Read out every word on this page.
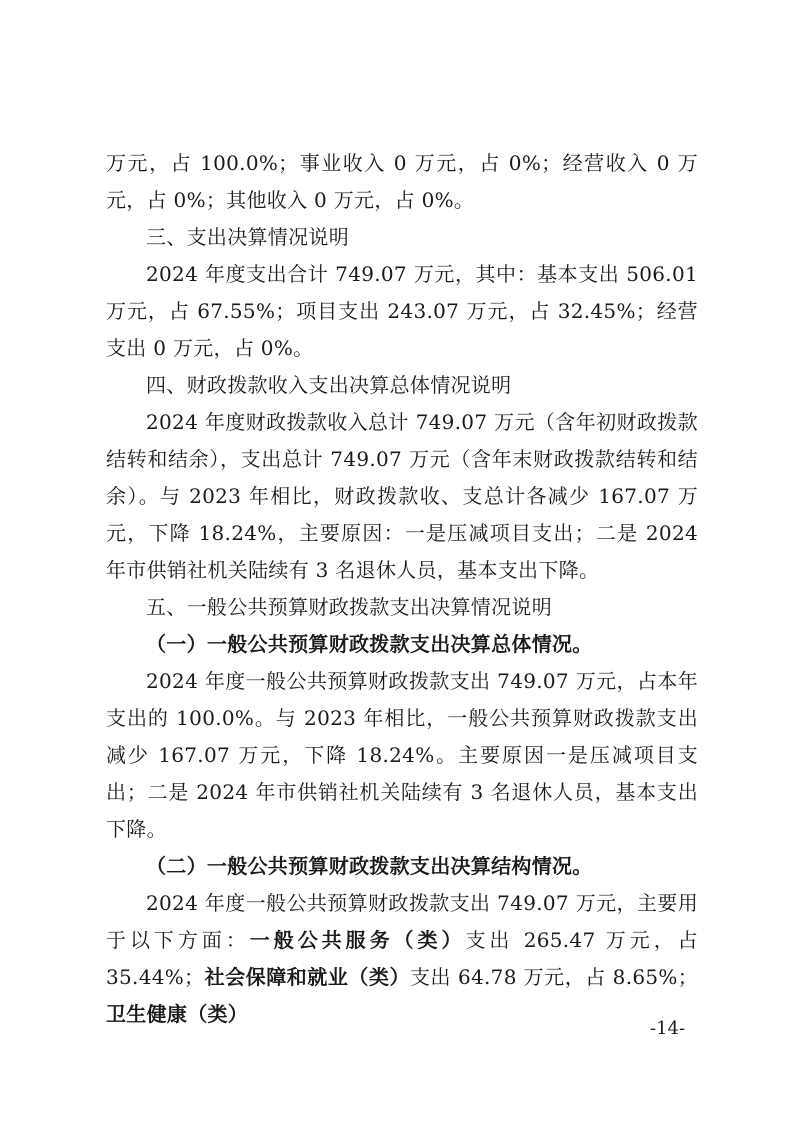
万元，占 100.0%；事业收入 0 万元，占 0%；经营收入 0 万元，占 0%；其他收入 0 万元，占 0%。

三、支出决算情况说明

2024 年度支出合计 749.07 万元，其中：基本支出 506.01 万元，占 67.55%；项目支出 243.07 万元，占 32.45%；经营支出 0 万元，占 0%。

四、财政拨款收入支出决算总体情况说明

2024 年度财政拨款收入总计 749.07 万元（含年初财政拨款结转和结余），支出总计 749.07 万元（含年末财政拨款结转和结余）。与 2023 年相比，财政拨款收、支总计各减少 167.07 万元，下降 18.24%，主要原因：一是压减项目支出；二是 2024 年市供销社机关陆续有 3 名退休人员，基本支出下降。

五、一般公共预算财政拨款支出决算情况说明

（一）一般公共预算财政拨款支出决算总体情况。

2024 年度一般公共预算财政拨款支出 749.07 万元，占本年支出的 100.0%。与 2023 年相比，一般公共预算财政拨款支出减少 167.07 万元，下降 18.24%。主要原因一是压减项目支出；二是 2024 年市供销社机关陆续有 3 名退休人员，基本支出下降。

（二）一般公共预算财政拨款支出决算结构情况。

2024 年度一般公共预算财政拨款支出 749.07 万元，主要用于以下方面：一般公共服务（类）支出 265.47 万元，占 35.44%；社会保障和就业（类）支出 64.78 万元，占 8.65%；卫生健康（类）

-14-
